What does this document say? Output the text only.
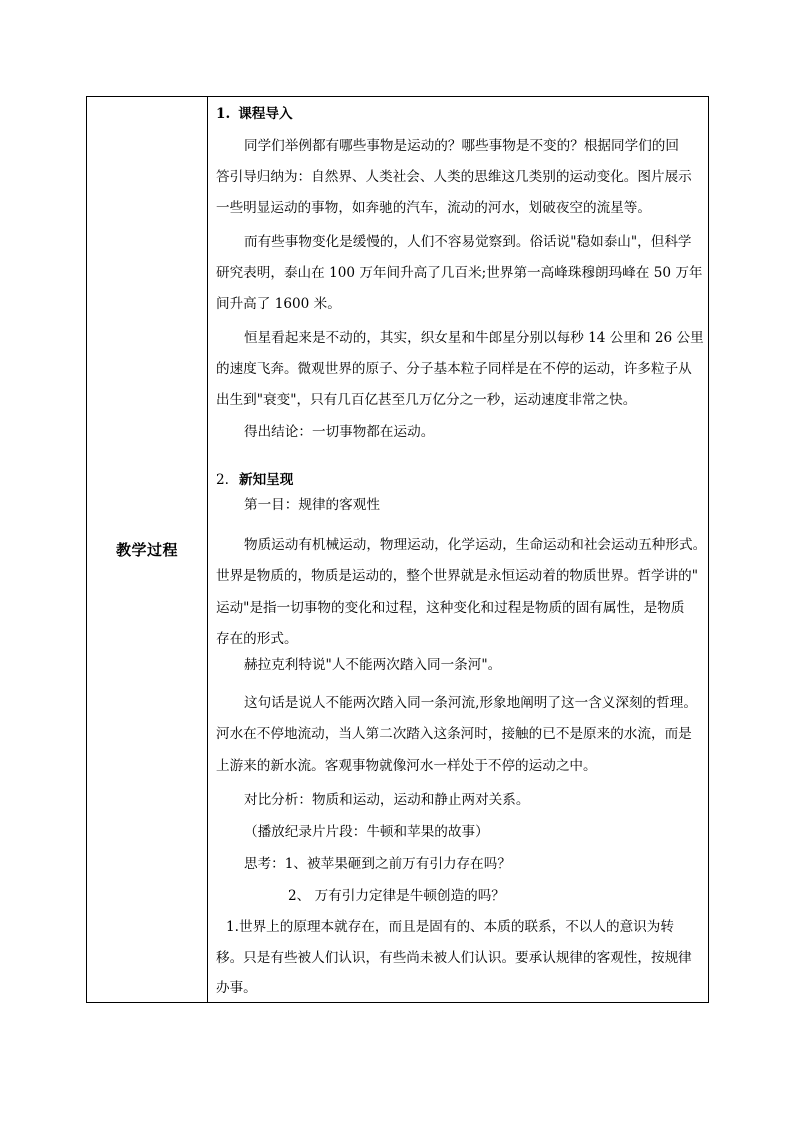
教学过程	
1. 课程导入
同学们举例都有哪些事物是运动的？哪些事物是不变的？根据同学们的回
答引导归纳为：自然界、人类社会、人类的思维这几类别的运动变化。图片展示
一些明显运动的事物，如奔驰的汽车，流动的河水，划破夜空的流星等。
而有些事物变化是缓慢的，人们不容易觉察到。俗话说"稳如泰山"，但科学
研究表明，泰山在 100 万年间升高了几百米;世界第一高峰珠穆朗玛峰在 50 万年
间升高了 1600 米。
恒星看起来是不动的，其实，织女星和牛郎星分别以每秒 14 公里和 26 公里
的速度飞奔。微观世界的原子、分子基本粒子同样是在不停的运动，许多粒子从
出生到"衰变"，只有几百亿甚至几万亿分之一秒，运动速度非常之快。
得出结论：一切事物都在运动。
2. 新知呈现
第一目：规律的客观性
物质运动有机械运动，物理运动，化学运动，生命运动和社会运动五种形式。
世界是物质的，物质是运动的，整个世界就是永恒运动着的物质世界。哲学讲的"
运动"是指一切事物的变化和过程，这种变化和过程是物质的固有属性，是物质
存在的形式。
赫拉克利特说"人不能两次踏入同一条河"。
这句话是说人不能两次踏入同一条河流,形象地阐明了这一含义深刻的哲理。
河水在不停地流动，当人第二次踏入这条河时，接触的已不是原来的水流，而是
上游来的新水流。客观事物就像河水一样处于不停的运动之中。
对比分析：物质和运动，运动和静止两对关系。
（播放纪录片片段：牛顿和苹果的故事）
思考：1、被苹果砸到之前万有引力存在吗？
2、 万有引力定律是牛顿创造的吗？
1.世界上的原理本就存在，而且是固有的、本质的联系，不以人的意识为转
移。只是有些被人们认识，有些尚未被人们认识。要承认规律的客观性，按规律
办事。
